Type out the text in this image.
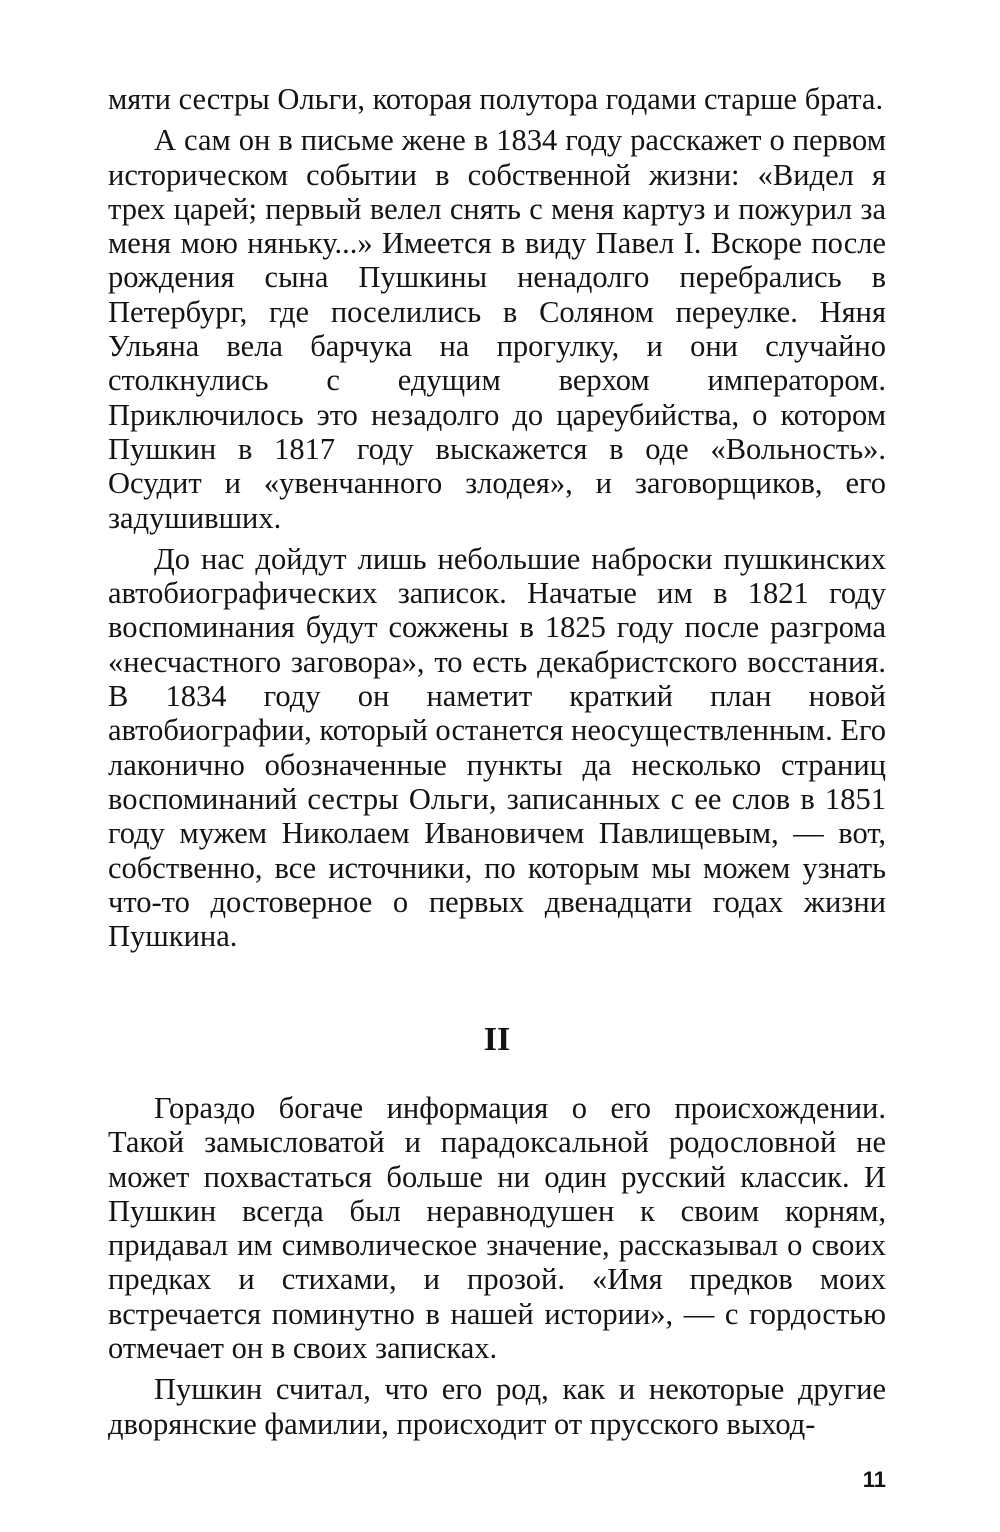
мяти сестры Ольги, которая полутора годами старше брата.

А сам он в письме жене в 1834 году расскажет о первом историческом событии в собственной жизни: «Видел я трех царей; первый велел снять с меня картуз и пожурил за меня мою няньку...» Имеется в виду Павел I. Вскоре после рождения сына Пушкины ненадолго перебрались в Петербург, где поселились в Соляном переулке. Няня Ульяна вела барчука на прогулку, и они случайно столкнулись с едущим верхом императором. Приключилось это незадолго до цареубийства, о котором Пушкин в 1817 году выскажется в оде «Вольность». Осудит и «увенчанного злодея», и заговорщиков, его задушивших.

До нас дойдут лишь небольшие наброски пушкинских автобиографических записок. Начатые им в 1821 году воспоминания будут сожжены в 1825 году после разгрома «несчастного заговора», то есть декабристского восстания. В 1834 году он наметит краткий план новой автобиографии, который останется неосуществленным. Его лаконично обозначенные пункты да несколько страниц воспоминаний сестры Ольги, записанных с ее слов в 1851 году мужем Николаем Ивановичем Павлищевым, — вот, собственно, все источники, по которым мы можем узнать что-то достоверное о первых двенадцати годах жизни Пушкина.

II

Гораздо богаче информация о его происхождении. Такой замысловатой и парадоксальной родословной не может похвастаться больше ни один русский классик. И Пушкин всегда был неравнодушен к своим корням, придавал им символическое значение, рассказывал о своих предках и стихами, и прозой. «Имя предков моих встречается поминутно в нашей истории», — с гордостью отмечает он в своих записках.

Пушкин считал, что его род, как и некоторые другие дворянские фамилии, происходит от прусского выход-

11
